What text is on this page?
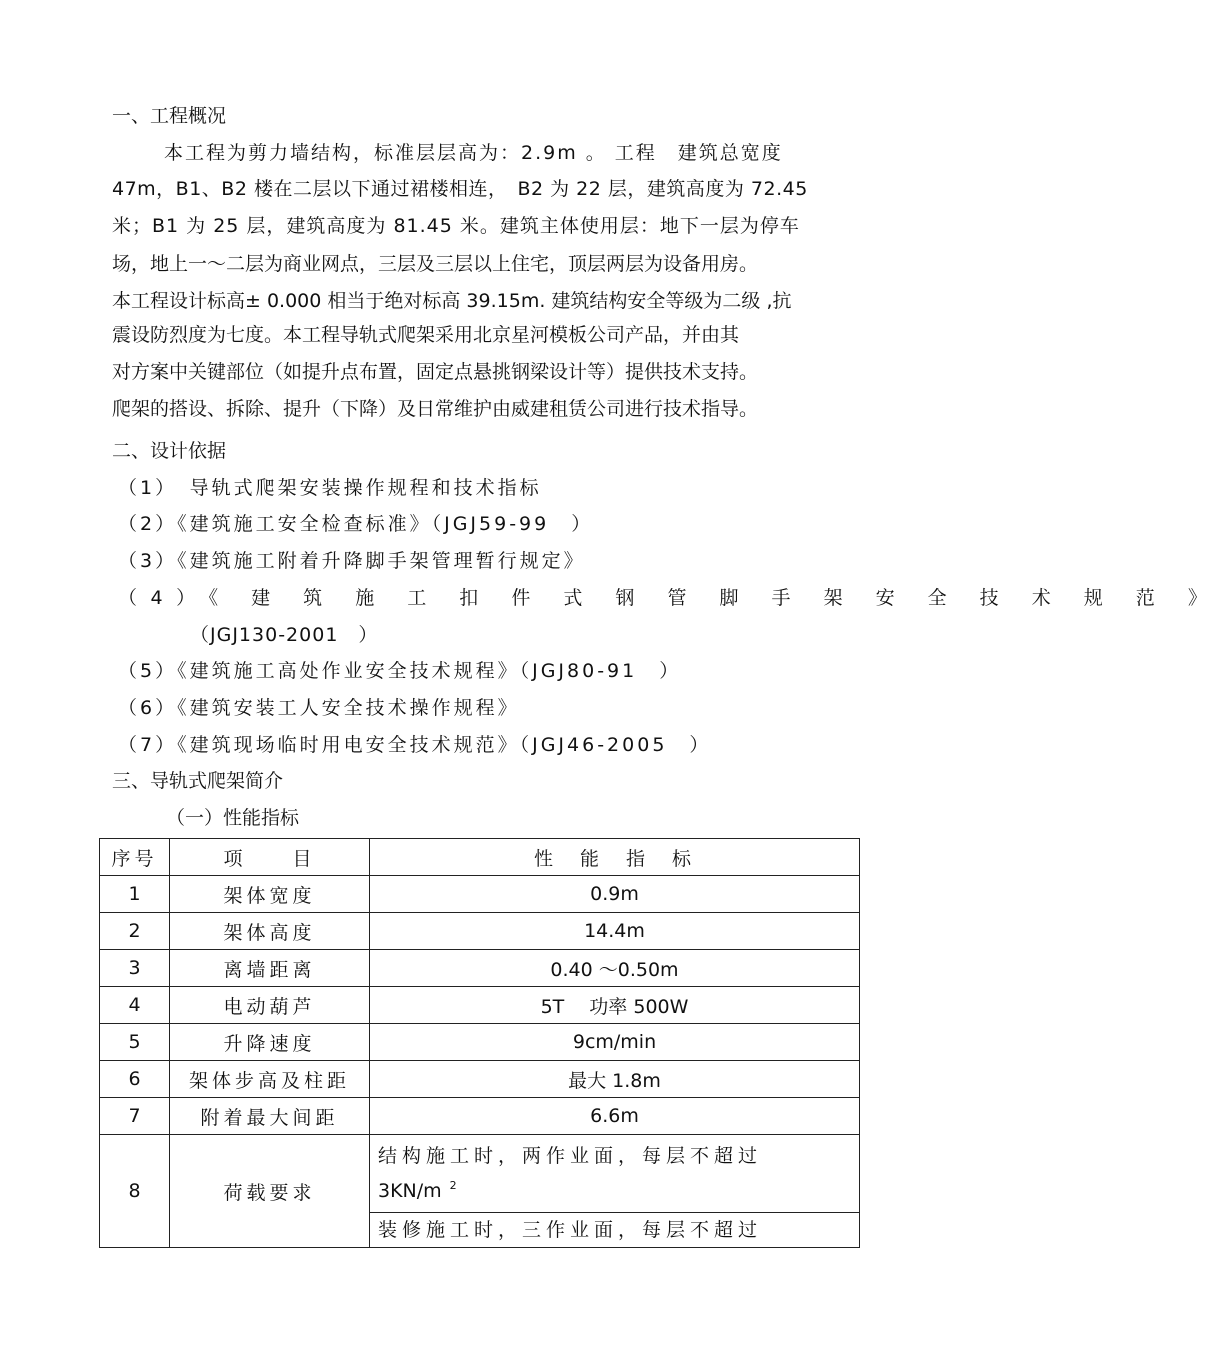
一、工程概况
本工程为剪力墙结构，标准层层高为：2.9m 。 工程　建筑总宽度
47m，B1、B2 楼在二层以下通过裙楼相连，　B2 为 22 层，建筑高度为 72.45
米；B1 为 25 层，建筑高度为 81.45 米。建筑主体使用层：地下一层为停车
场，地上一～二层为商业网点，三层及三层以上住宅，顶层两层为设备用房。
本工程设计标高± 0.000 相当于绝对标高 39.15m. 建筑结构安全等级为二级 ,抗
震设防烈度为七度。本工程导轨式爬架采用北京星河模板公司产品，并由其
对方案中关键部位（如提升点布置，固定点悬挑钢梁设计等）提供技术支持。
爬架的搭设、拆除、提升（下降）及日常维护由威建租赁公司进行技术指导。
二、设计依据
（1）　导轨式爬架安装操作规程和技术指标
（2）《建筑施工安全检查标准》（JGJ59-99　）
（3）《建筑施工附着升降脚手架管理暂行规定》
（4）《 建 筑 施 工 扣 件 式 钢 管 脚 手 架 安 全 技 术 规 范 》
（JGJ130-2001　）
（5）《建筑施工高处作业安全技术规程》（JGJ80-91　）
（6）《建筑安装工人安全技术操作规程》
（7）《建筑现场临时用电安全技术规范》（JGJ46-2005　）
三、导轨式爬架简介
（一）性能指标
序号	项　　目	性　能　指　标
1	架体宽度	0.9m
2	架体高度	14.4m
3	离墙距离	0.40 ～0.50m
4	电动葫芦	5T　 功率 500W
5	升降速度	9cm/min
6	架体步高及柱距	最大 1.8m
7	附着最大间距	6.6m
8	荷载要求	结构施工时，两作业面，每层不超过
3KN/m $^2$

		装修施工时，三作业面，每层不超过
